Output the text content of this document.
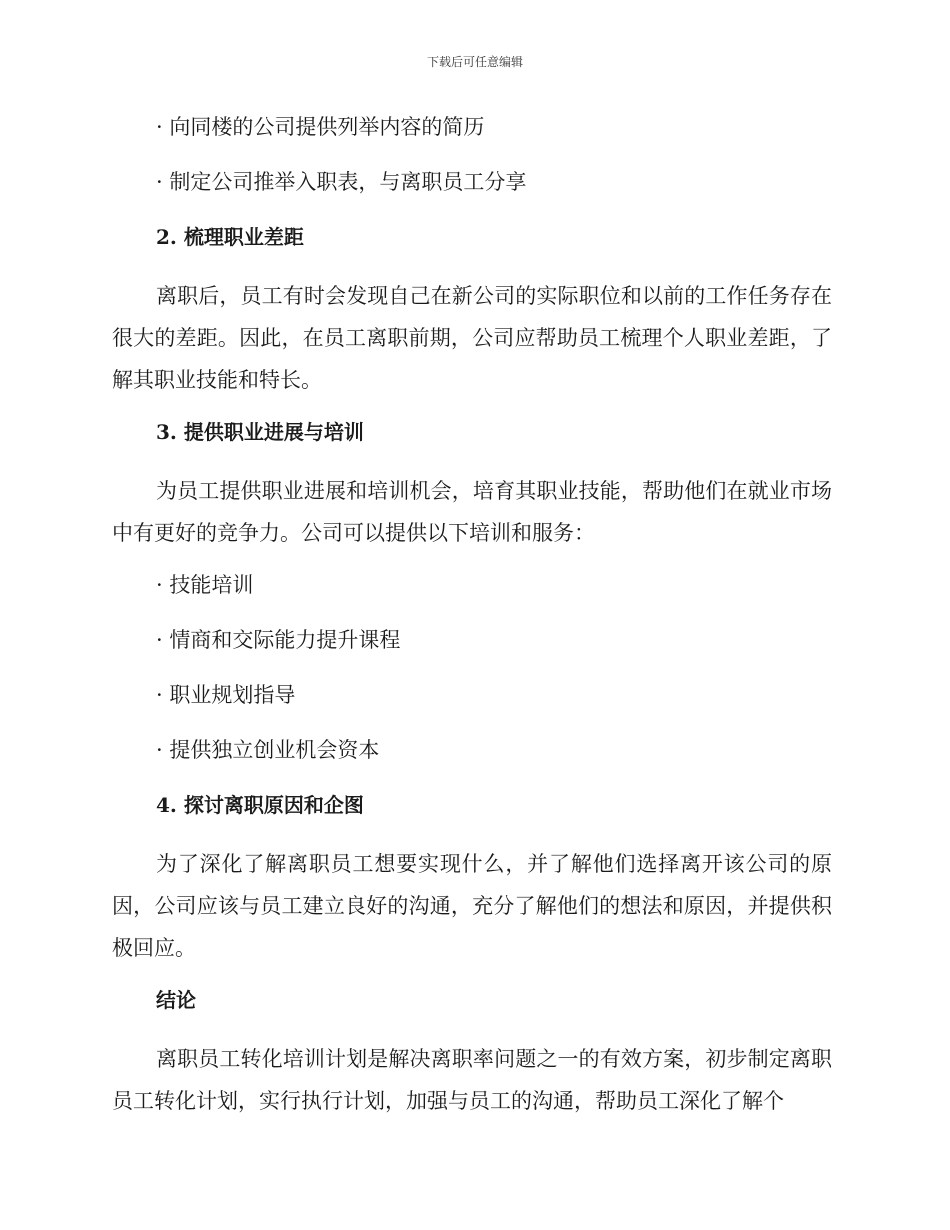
下载后可任意编辑

· 向同楼的公司提供列举内容的简历

· 制定公司推举入职表，与离职员工分享

2. 梳理职业差距

离职后，员工有时会发现自己在新公司的实际职位和以前的工作任务存在很大的差距。因此，在员工离职前期，公司应帮助员工梳理个人职业差距，了解其职业技能和特长。

3. 提供职业进展与培训

为员工提供职业进展和培训机会，培育其职业技能，帮助他们在就业市场中有更好的竞争力。公司可以提供以下培训和服务：

· 技能培训

· 情商和交际能力提升课程

· 职业规划指导

· 提供独立创业机会资本

4. 探讨离职原因和企图

为了深化了解离职员工想要实现什么，并了解他们选择离开该公司的原因，公司应该与员工建立良好的沟通，充分了解他们的想法和原因，并提供积极回应。

结论

离职员工转化培训计划是解决离职率问题之一的有效方案，初步制定离职员工转化计划，实行执行计划，加强与员工的沟通，帮助员工深化了解个
